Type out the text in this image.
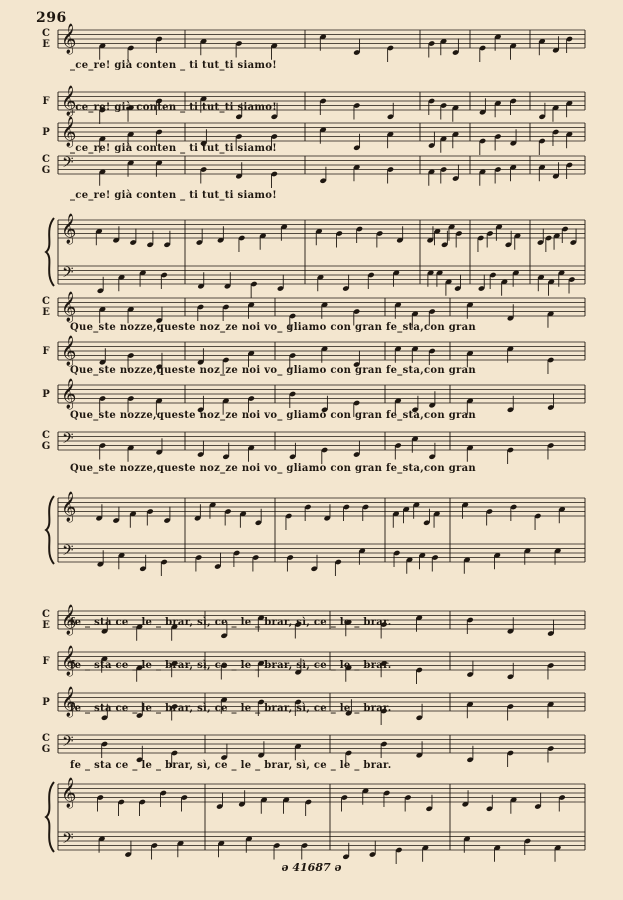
296
𝄞
𝄞
𝄞
𝄢
𝄞
𝄢
𝄞
𝄞
𝄞
𝄢
𝄞
𝄢
𝄞
𝄞
𝄞
𝄢
𝄞
𝄢
C
E
F
P
C
G
C
E
F
P
C
G
C
E
F
P
C
G
_ce_re! già conten _ ti tut_ti siamo!
_ce_re! già conten _ ti tut_ti siamo!
_ce_re! già conten _ ti tut_ti siamo!
_ce_re! già conten _ ti tut_ti siamo!
Que_ste nozze,queste noz_ze noi vo_ gliamo con gran fe_sta,con gran
Que_ste nozze,queste noz_ze noi vo_ gliamo con gran fe_sta,con gran
Que_ste nozze,queste noz_ze noi vo_ gliamo con gran fe_sta,con gran
Que_ste nozze,queste noz_ze noi vo_ gliamo con gran fe_sta,con gran
fe _ sta ce _ le _ brar, sì, ce _ le _ brar, sì, ce _ le _ brar.
fe _ sta ce _ le _ brar, sì, ce _ le _ brar, sì, ce _ le _ brar.
fe _ sta ce _ le _ brar, sì, ce _ le _ brar, sì, ce _ le _ brar.
fe _ sta ce _ le _ brar, sì, ce _ le _ brar, sì, ce _ le _ brar.
ə 41687 ə
